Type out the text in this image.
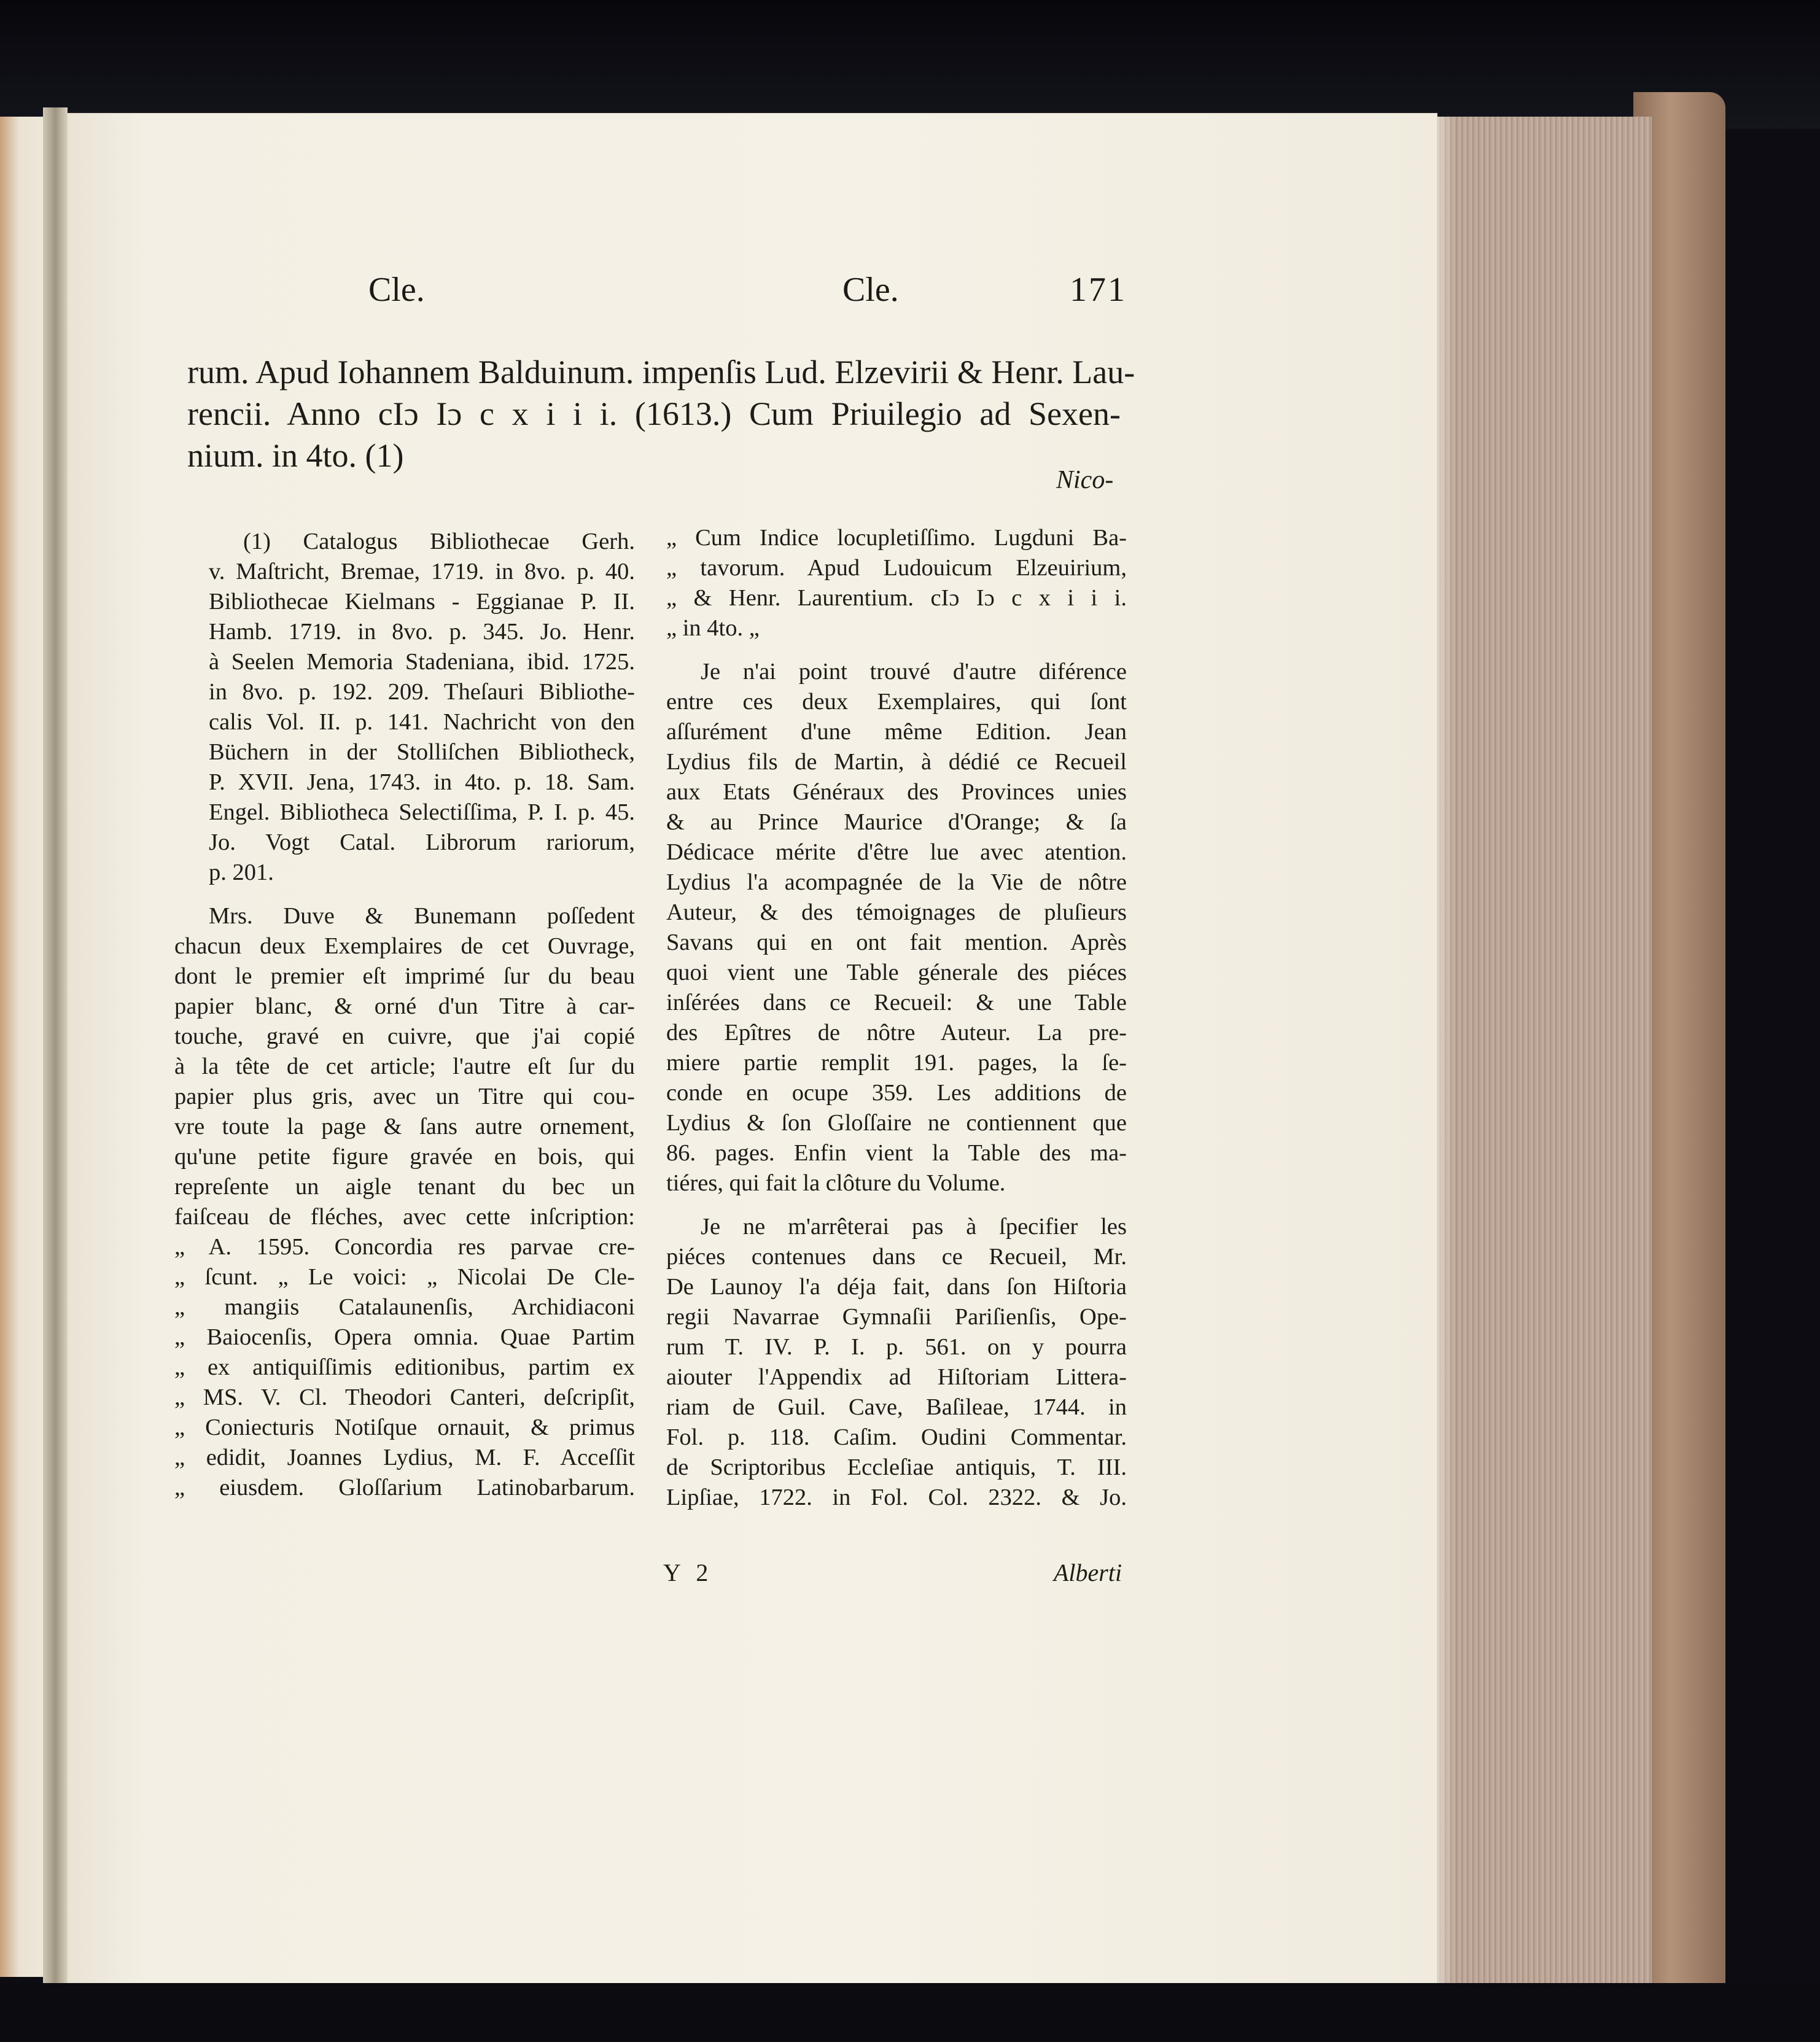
Cle.	Cle.	171
rum. Apud Iohannem Balduinum. impenſis Lud. Elzevirii & Henr. Lau-
rencii. Anno cIɔ Iɔ c x i i i. (1613.) Cum Priuilegio ad Sexen-
nium. in 4to. (1)
Nico-

(1) Catalogus Bibliothecae Gerh.
v. Maſtricht, Bremae, 1719. in 8vo. p. 40.
Bibliothecae Kielmans - Eggianae P. II.
Hamb. 1719. in 8vo. p. 345. Jo. Henr.
à Seelen Memoria Stadeniana, ibid. 1725.
in 8vo. p. 192. 209. Theſauri Bibliothe-
calis Vol. II. p. 141. Nachricht von den
Büchern in der Stolliſchen Bibliotheck,
P. XVII. Jena, 1743. in 4to. p. 18. Sam.
Engel. Bibliotheca Selectiſſima, P. I. p. 45.
Jo. Vogt Catal. Librorum rariorum,
p. 201.

Mrs. Duve & Bunemann poſſedent
chacun deux Exemplaires de cet Ouvrage,
dont le premier eſt imprimé ſur du beau
papier blanc, & orné d'un Titre à car-
touche, gravé en cuivre, que j'ai copié
à la tête de cet article; l'autre eſt ſur du
papier plus gris, avec un Titre qui cou-
vre toute la page & ſans autre ornement,
qu'une petite figure gravée en bois, qui
repreſente un aigle tenant du bec un
faiſceau de fléches, avec cette inſcription:
„ A. 1595. Concordia res parvae cre-
„ ſcunt. „ Le voici: „ Nicolai De Cle-
„ mangiis Catalaunenſis, Archidiaconi
„ Baiocenſis, Opera omnia. Quae Partim
„ ex antiquiſſimis editionibus, partim ex
„ MS. V. Cl. Theodori Canteri, deſcripſit,
„ Coniecturis Notiſque ornauit, & primus
„ edidit, Joannes Lydius, M. F. Acceſſit
„ eiusdem. Gloſſarium Latinobarbarum.

„ Cum Indice locupletiſſimo. Lugduni Ba-
„ tavorum. Apud Ludouicum Elzeuirium,
„ & Henr. Laurentium. cIɔ Iɔ c x i i i.
„ in 4to. „

Je n'ai point trouvé d'autre diférence
entre ces deux Exemplaires, qui ſont
aſſurément d'une même Edition. Jean
Lydius fils de Martin, à dédié ce Recueil
aux Etats Généraux des Provinces unies
& au Prince Maurice d'Orange; & ſa
Dédicace mérite d'être lue avec atention.
Lydius l'a acompagnée de la Vie de nôtre
Auteur, & des témoignages de pluſieurs
Savans qui en ont fait mention. Après
quoi vient une Table génerale des piéces
inſérées dans ce Recueil: & une Table
des Epîtres de nôtre Auteur. La pre-
miere partie remplit 191. pages, la ſe-
conde en ocupe 359. Les additions de
Lydius & ſon Gloſſaire ne contiennent que
86. pages. Enfin vient la Table des ma-
tiéres, qui fait la clôture du Volume.

Je ne m'arrêterai pas à ſpecifier les
piéces contenues dans ce Recueil, Mr.
De Launoy l'a déja fait, dans ſon Hiſtoria
regii Navarrae Gymnaſii Pariſienſis, Ope-
rum T. IV. P. I. p. 561. on y pourra
aiouter l'Appendix ad Hiſtoriam Littera-
riam de Guil. Cave, Baſileae, 1744. in
Fol. p. 118. Caſim. Oudini Commentar.
de Scriptoribus Eccleſiae antiquis, T. III.
Lipſiae, 1722. in Fol. Col. 2322. & Jo.

Y 2	Alberti
